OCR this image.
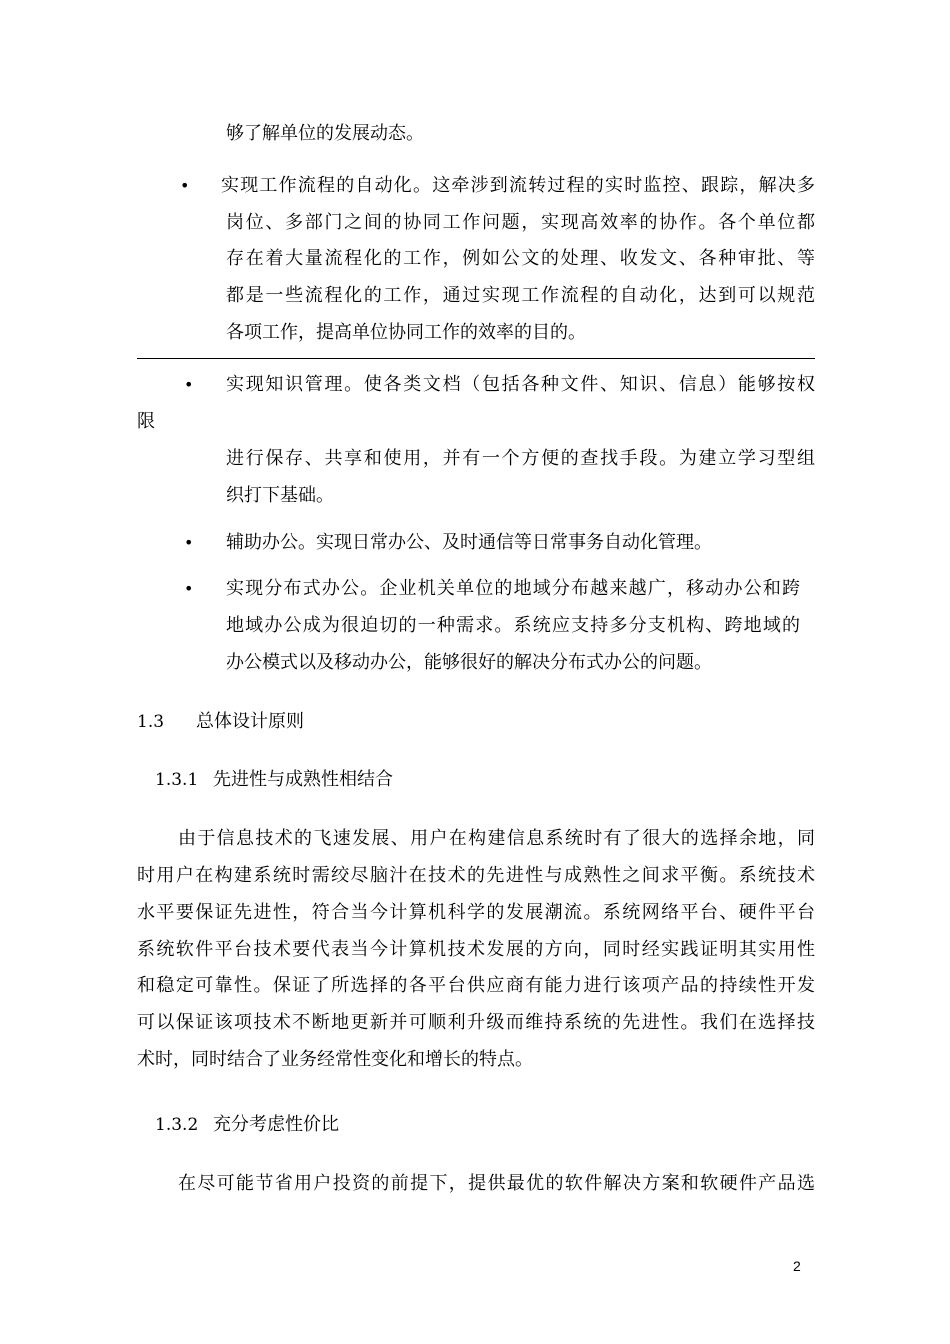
够了解单位的发展动态。
• 实现工作流程的自动化。这牵涉到流转过程的实时监控、跟踪，解决多
岗位、多部门之间的协同工作问题，实现高效率的协作。各个单位都
存在着大量流程化的工作，例如公文的处理、收发文、各种审批、等
都是一些流程化的工作，通过实现工作流程的自动化，达到可以规范
各项工作，提高单位协同工作的效率的目的。
• 实现知识管理。使各类文档（包括各种文件、知识、信息）能够按权
限
进行保存、共享和使用，并有一个方便的查找手段。为建立学习型组
织打下基础。
• 辅助办公。实现日常办公、及时通信等日常事务自动化管理。
• 实现分布式办公。企业机关单位的地域分布越来越广，移动办公和跨
地域办公成为很迫切的一种需求。系统应支持多分支机构、跨地域的
办公模式以及移动办公，能够很好的解决分布式办公的问题。
1.3 总体设计原则
1.3.1 先进性与成熟性相结合
由于信息技术的飞速发展、用户在构建信息系统时有了很大的选择余地，同
时用户在构建系统时需绞尽脑汁在技术的先进性与成熟性之间求平衡。系统技术
水平要保证先进性，符合当今计算机科学的发展潮流。系统网络平台、硬件平台
系统软件平台技术要代表当今计算机技术发展的方向，同时经实践证明其实用性
和稳定可靠性。保证了所选择的各平台供应商有能力进行该项产品的持续性开发
可以保证该项技术不断地更新并可顺利升级而维持系统的先进性。我们在选择技
术时，同时结合了业务经常性变化和增长的特点。
1.3.2 充分考虑性价比
在尽可能节省用户投资的前提下，提供最优的软件解决方案和软硬件产品选
2
